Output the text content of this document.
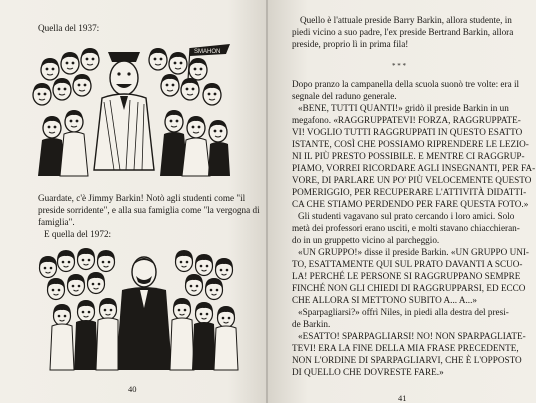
Quella del 1937:

SMAHON

Guardate, c'è Jimmy Barkin! Notò agli studenti come "il

preside sorridente", e alla sua famiglia come "la vergogna di

famiglia".

E quella del 1972:

40

Quello è l'attuale preside Barry Barkin, allora studente, in

piedi vicino a suo padre, l'ex preside Bertrand Barkin, allora

preside, proprio lì in prima fila!

* * *

Dopo pranzo la campanella della scuola suonò tre volte: era il

segnale del raduno generale.

«BENE, TUTTI QUANTI!» gridò il preside Barkin in un

megafono. «RAGGRUPPATEVI! FORZA, RAGGRUPPATE-

VI! VOGLIO TUTTI RAGGRUPPATI IN QUESTO ESATTO

ISTANTE, COSÌ CHE POSSIAMO RIPRENDERE LE LEZIO-

NI IL PIÙ PRESTO POSSIBILE. E MENTRE CI RAGGRUP-

PIAMO, VORREI RICORDARE AGLI INSEGNANTI, PER FA-

VORE, DI PARLARE UN PO' PIÙ VELOCEMENTE QUESTO

POMERIGGIO, PER RECUPERARE L'ATTIVITÀ DIDATTI-

CA CHE STIAMO PERDENDO PER FARE QUESTA FOTO.»

Gli studenti vagavano sul prato cercando i loro amici. Solo

metà dei professori erano usciti, e molti stavano chiacchieran-

do in un gruppetto vicino al parcheggio.

«UN GRUPPO!» disse il preside Barkin. «UN GRUPPO UNI-

TO, ESATTAMENTE QUI SUL PRATO DAVANTI A SCUO-

LA! PERCHÉ LE PERSONE SI RAGGRUPPANO SEMPRE

FINCHÉ NON GLI CHIEDI DI RAGGRUPPARSI, ED ECCO

CHE ALLORA SI METTONO SUBITO A... A...»

«Sparpagliarsi?» offrì Niles, in piedi alla destra del presi-

de Barkin.

«ESATTO! SPARPAGLIARSI! NO! NON SPARPAGLIATE-

TEVI! ERA LA FINE DELLA MIA FRASE PRECEDENTE,

NON L'ORDINE DI SPARPAGLIARVI, CHE È L'OPPOSTO

DI QUELLO CHE DOVRESTE FARE.»

41
